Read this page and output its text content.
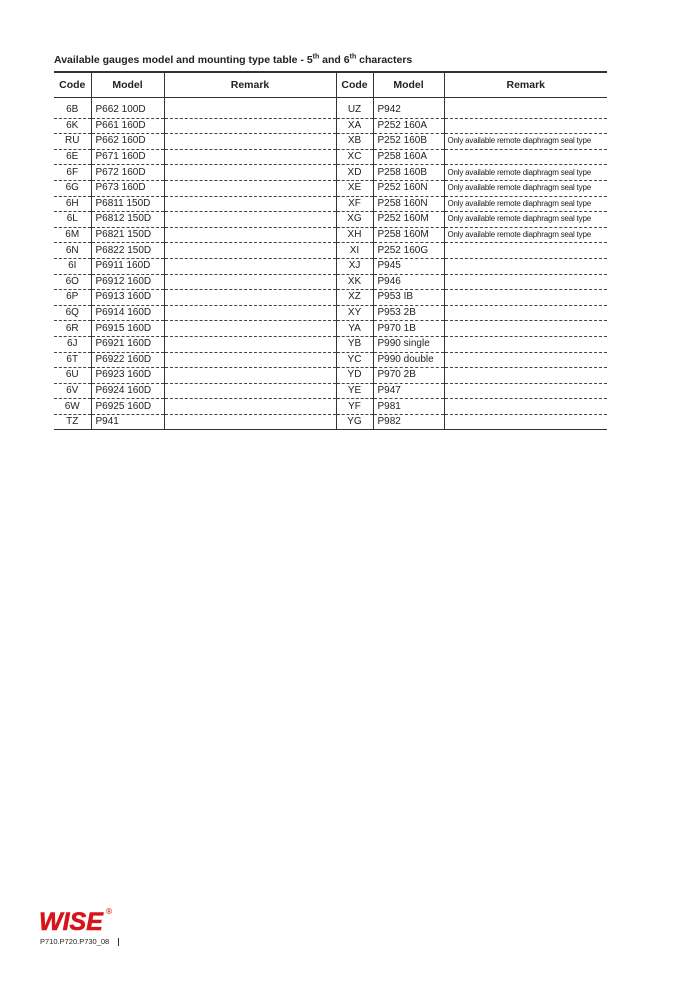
Available gauges model and mounting type table - 5th and 6th characters
Code	Model	Remark	Code	Model	Remark
6B	P662 100D		UZ	P942	
6K	P661 160D		XA	P252 160A	
RU	P662 160D		XB	P252 160B	Only available remote diaphragm seal type
6E	P671 160D		XC	P258 160A	
6F	P672 160D		XD	P258 160B	Only available remote diaphragm seal type
6G	P673 160D		XE	P252 160N	Only available remote diaphragm seal type
6H	P6811 150D		XF	P258 160N	Only available remote diaphragm seal type
6L	P6812 150D		XG	P252 160M	Only available remote diaphragm seal type
6M	P6821 150D		XH	P258 160M	Only available remote diaphragm seal type
6N	P6822 150D		XI	P252 160G	
6I	P6911 160D		XJ	P945	
6O	P6912 160D		XK	P946	
6P	P6913 160D		XZ	P953 IB	
6Q	P6914 160D		XY	P953 2B	
6R	P6915 160D		YA	P970 1B	
6J	P6921 160D		YB	P990 single	
6T	P6922 160D		YC	P990 double	
6U	P6923 160D		YD	P970 2B	
6V	P6924 160D		YE	P947	
6W	P6925 160D		YF	P981	
TZ	P941		YG	P982	
WISE ®
P710.P720.P730_08
